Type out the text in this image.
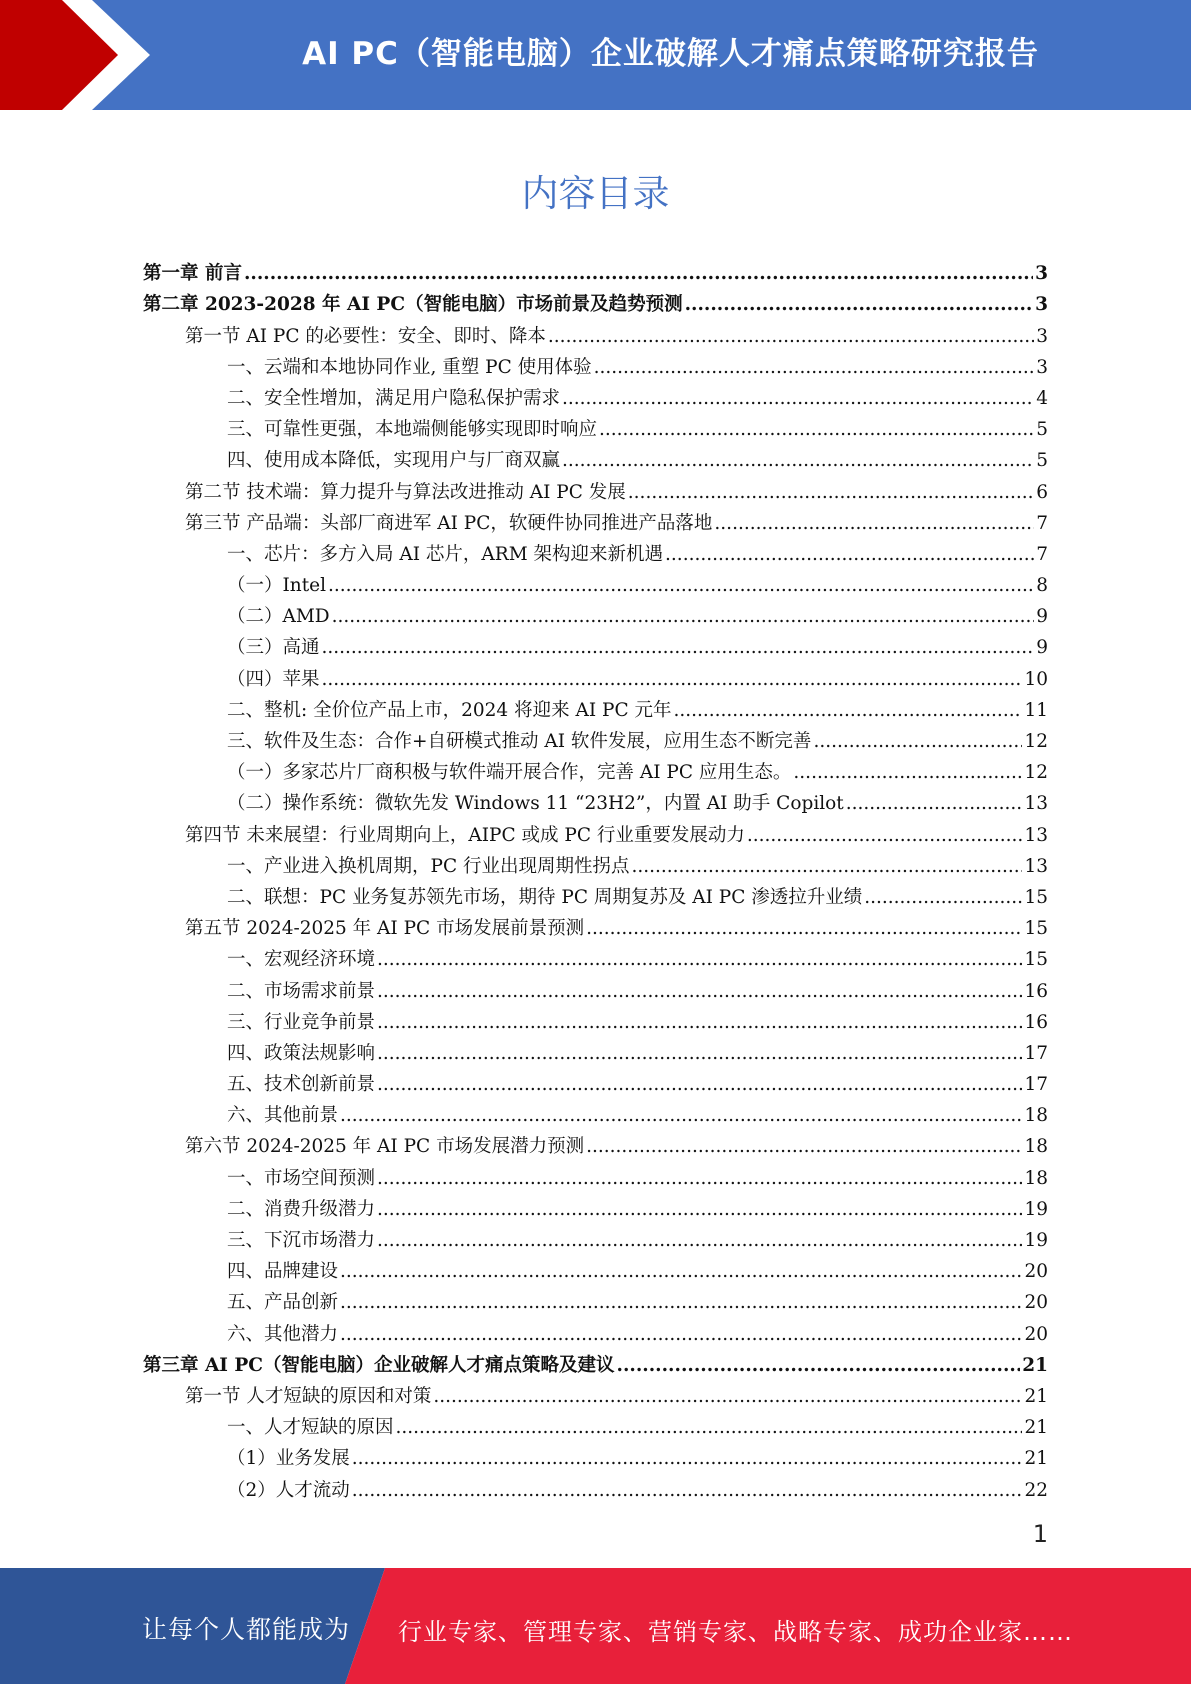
AI PC（智能电脑）企业破解人才痛点策略研究报告
内容目录
第一章 前言 .....	3
第二章 2023-2028 年 AI PC（智能电脑）市场前景及趋势预测 .....	3
第一节 AI PC 的必要性：安全、即时、降本 .....	3
一、云端和本地协同作业, 重塑 PC 使用体验 .....	3
二、安全性增加，满足用户隐私保护需求 .....	4
三、可靠性更强，本地端侧能够实现即时响应 .....	5
四、使用成本降低，实现用户与厂商双赢 .....	5
第二节 技术端：算力提升与算法改进推动 AI PC 发展 .....	6
第三节 产品端：头部厂商进军 AI PC，软硬件协同推进产品落地 .....	7
一、芯片：多方入局 AI 芯片，ARM 架构迎来新机遇 .....	7
（一）Intel .....	8
（二）AMD .....	9
（三）高通 .....	9
（四）苹果 .....	10
二、整机: 全价位产品上市，2024 将迎来 AI PC 元年 .....	11
三、软件及生态：合作+自研模式推动 AI 软件发展，应用生态不断完善 .....	12
（一）多家芯片厂商积极与软件端开展合作，完善 AI PC 应用生态。 .....	12
（二）操作系统：微软先发 Windows 11 “23H2”，内置 AI 助手 Copilot .....	13
第四节 未来展望：行业周期向上，AIPC 或成 PC 行业重要发展动力 .....	13
一、产业进入换机周期，PC 行业出现周期性拐点 .....	13
二、联想：PC 业务复苏领先市场，期待 PC 周期复苏及 AI PC 渗透拉升业绩 .....	15
第五节 2024-2025 年 AI PC 市场发展前景预测 .....	15
一、宏观经济环境 .....	15
二、市场需求前景 .....	16
三、行业竞争前景 .....	16
四、政策法规影响 .....	17
五、技术创新前景 .....	17
六、其他前景 .....	18
第六节 2024-2025 年 AI PC 市场发展潜力预测 .....	18
一、市场空间预测 .....	18
二、消费升级潜力 .....	19
三、下沉市场潜力 .....	19
四、品牌建设 .....	20
五、产品创新 .....	20
六、其他潜力 .....	20
第三章 AI PC（智能电脑）企业破解人才痛点策略及建议 .....	21
第一节 人才短缺的原因和对策 .....	21
一、人才短缺的原因 .....	21
（1）业务发展 .....	21
（2）人才流动 .....	22
1
让每个人都能成为 行业专家、管理专家、营销专家、战略专家、成功企业家……
